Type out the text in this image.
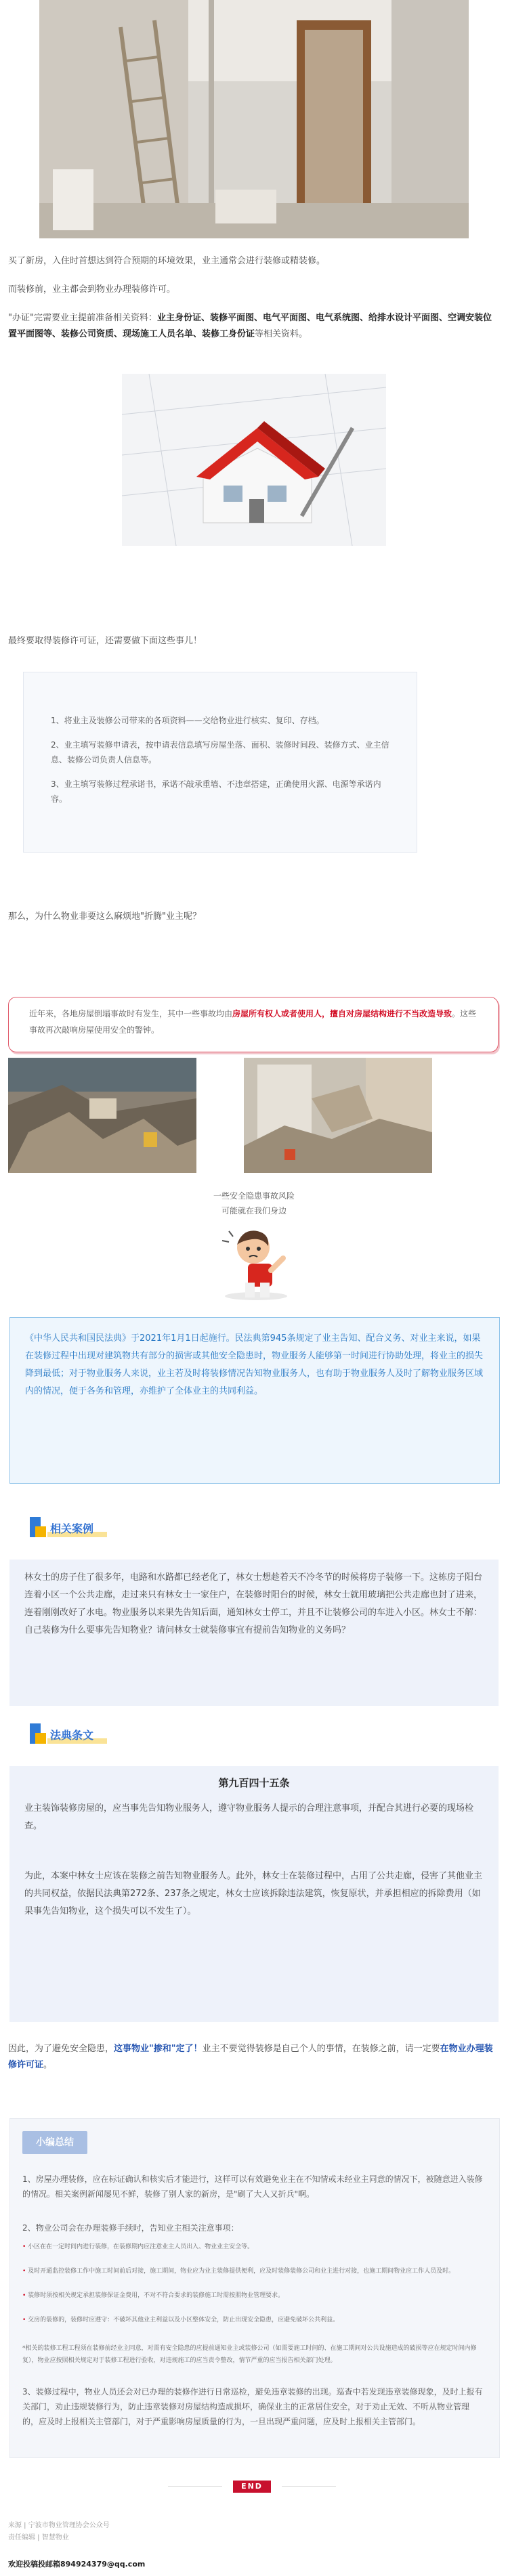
买了新房，入住时首想达到符合预期的环境效果，业主通常会进行装修或精装修。

而装修前，业主都会到物业办理装修许可。

"办证"完需要业主提前准备相关资料：业主身份证、装修平面图、电气平面图、电气系统图、给排水设计平面图、空调安装位置平面图等、装修公司资质、现场施工人员名单、装修工身份证等相关资料。

最终要取得装修许可证，还需要做下面这些事儿！

1、将业主及装修公司带来的各项资料——交给物业进行核实、复印、存档。

2、业主填写装修申请表，按申请表信息填写房屋坐落、面积、装修时间段、装修方式、业主信息、装修公司负责人信息等。

3、业主填写装修过程承诺书，承诺不敲承重墙、不违章搭建，正确使用火源、电源等承诺内容。

那么，为什么物业非要这么麻烦地"折腾"业主呢？

近年来，各地房屋倒塌事故时有发生，其中一些事故均由房屋所有权人或者使用人，擅自对房屋结构进行不当改造导致。这些事故再次敲响房屋使用安全的警钟。

一些安全隐患事故风险

可能就在我们身边

《中华人民共和国民法典》于2021年1月1日起施行。民法典第945条规定了业主告知、配合义务、对业主来说，如果在装修过程中出现对建筑物共有部分的损害或其他安全隐患时，物业服务人能够第一时间进行协助处理，将业主的损失降到最低；对于物业服务人来说，业主若及时将装修情况告知物业服务人，也有助于物业服务人及时了解物业服务区域内的情况，便于各务和管理，亦维护了全体业主的共同利益。

相关案例

林女士的房子住了很多年，电路和水路都已经老化了，林女士想趁着天不冷冬节的时候将房子装修一下。这栋房子阳台连着小区一个公共走廊，走过来只有林女士一家住户，在装修时阳台的时候，林女士就用玻璃把公共走廊也封了进来，连着刚刚改好了水电。物业服务以来果先告知后面，通知林女士停工，并且不让装修公司的车进入小区。林女士不解：自己装修为什么要事先告知物业？请问林女士就装修事宜有提前告知物业的义务吗？

法典条文

第九百四十五条

业主装饰装修房屋的，应当事先告知物业服务人，遵守物业服务人提示的合理注意事项，并配合其进行必要的现场检查。

为此，本案中林女士应该在装修之前告知物业服务人。此外，林女士在装修过程中，占用了公共走廊，侵害了其他业主的共同权益，依据民法典第272条、237条之规定，林女士应该拆除违法建筑，恢复原状，并承担相应的拆除费用（如果事先告知物业，这个损失可以不发生了）。

因此，为了避免安全隐患，这事物业"掺和"定了！业主不要觉得装修是自己个人的事情，在装修之前，请一定要在物业办理装修许可证。

小编总结

1、房屋办理装修，应在标证确认和核实后才能进行，这样可以有效避免业主在不知情或未经业主同意的情况下，被随意进入装修的情况。相关案例新闻屡见不鲜，装修了别人家的新房，是"刷了大人又折兵"啊。

2、物业公司会在办理装修手续时，告知业主相关注意事项：

• 小区在在一定时间内进行装修，在装修期内应注意业主人员出入、物业业主安全等。

• 及时开通监控装修工作中施工时间前后对接，施工期间，物业应为业主装修提供便利，应及时装修装修公司和业主进行对接，也施工期间物业应工作人员及时。

• 装修时须按相关规定承担装修保证金费用，不对不符合要求的装修施工时需按照物业管理要求。

• 交房的装修的，装修时应遵守：不破坏其他业主利益以及小区整体安全，防止出现安全隐患，应避免破坏公共利益。

*相关的装修工程工程须在装修前经业主同意，对需有安全隐患的应提前通知业主或装修公司（如需要施工时间的、在施工期间对公共设施造成的破损等应在规定时间内修复），物业应按照相关规定对于装修工程进行验收，对违规施工的应当责令整改，情节严重的应当报告相关部门处理。

3、装修过程中，物业人员还会对已办理的装修作进行日常巡检，避免违章装修的出现。巡查中若发现违章装修现象，及时上报有关部门，劝止违规装修行为，防止违章装修对房屋结构造成损坏，确保业主的正常居住安全，对于劝止无效、不听从物业管理的，应及时上报相关主管部门，对于严重影响房屋质量的行为，一旦出现严重问题，应及时上报相关主管部门。

END

来源 | 宁波市物业管理协会公众号

责任编辑 | 智慧物业

欢迎投稿投邮箱894924379@qq.com
